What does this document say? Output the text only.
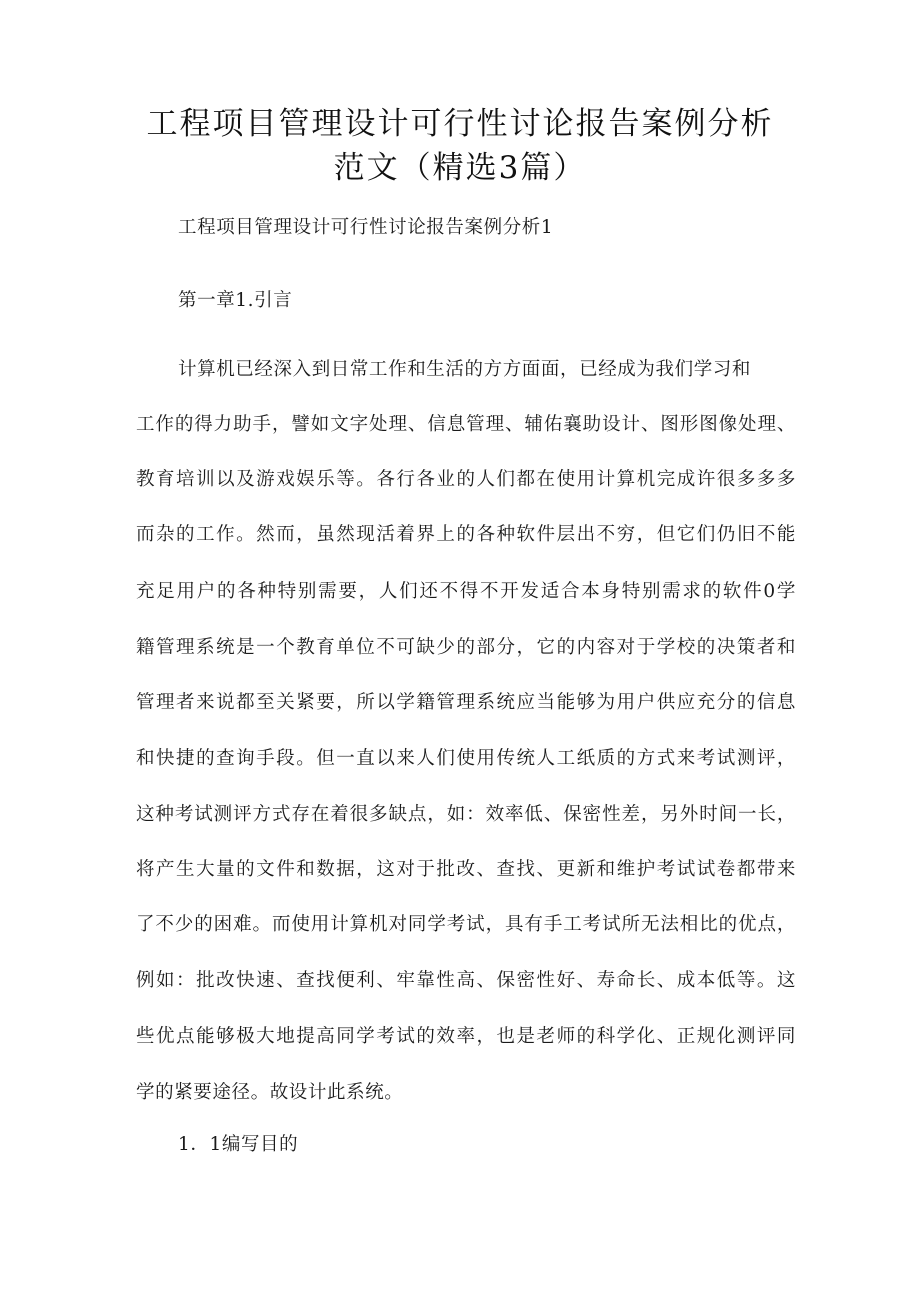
工程项目管理设计可行性讨论报告案例分析
范文（精选3篇）

工程项目管理设计可行性讨论报告案例分析1

第一章1.引言

计算机已经深入到日常工作和生活的方方面面，已经成为我们学习和

工作的得力助手，譬如文字处理、信息管理、辅佑襄助设计、图形图像处理、

教育培训以及游戏娱乐等。各行各业的人们都在使用计算机完成许很多多多

而杂的工作。然而，虽然现活着界上的各种软件层出不穷，但它们仍旧不能

充足用户的各种特别需要，人们还不得不开发适合本身特别需求的软件0学

籍管理系统是一个教育单位不可缺少的部分，它的内容对于学校的决策者和

管理者来说都至关紧要，所以学籍管理系统应当能够为用户供应充分的信息

和快捷的查询手段。但一直以来人们使用传统人工纸质的方式来考试测评，

这种考试测评方式存在着很多缺点，如：效率低、保密性差，另外时间一长，

将产生大量的文件和数据，这对于批改、查找、更新和维护考试试卷都带来

了不少的困难。而使用计算机对同学考试，具有手工考试所无法相比的优点，

例如：批改快速、查找便利、牢靠性高、保密性好、寿命长、成本低等。这

些优点能够极大地提高同学考试的效率，也是老师的科学化、正规化测评同

学的紧要途径。故设计此系统。

1．1编写目的
